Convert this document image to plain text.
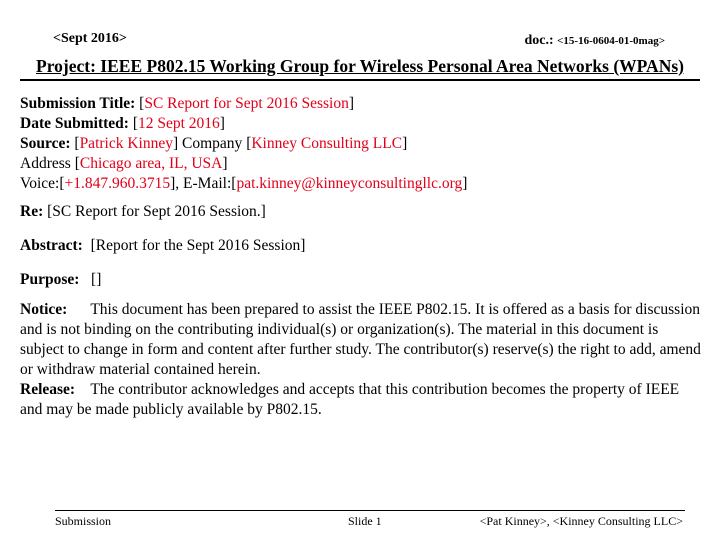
<Sept 2016>	doc.: <15-16-0604-01-0mag>
Project: IEEE P802.15 Working Group for Wireless Personal Area Networks (WPANs)
Submission Title: [SC Report for Sept 2016 Session]
Date Submitted: [12 Sept 2016]
Source: [Patrick Kinney] Company [Kinney Consulting LLC]
Address [Chicago area, IL, USA]
Voice:[+1.847.960.3715], E-Mail:[pat.kinney@kinneyconsultingllc.org]
Re: [SC Report for Sept 2016 Session.]
Abstract: [Report for the Sept 2016 Session]
Purpose: []
Notice: This document has been prepared to assist the IEEE P802.15. It is offered as a basis for discussion and is not binding on the contributing individual(s) or organization(s). The material in this document is subject to change in form and content after further study. The contributor(s) reserve(s) the right to add, amend or withdraw material contained herein.
Release: The contributor acknowledges and accepts that this contribution becomes the property of IEEE and may be made publicly available by P802.15.
Submission	Slide 1	<Pat Kinney>, <Kinney Consulting LLC>
